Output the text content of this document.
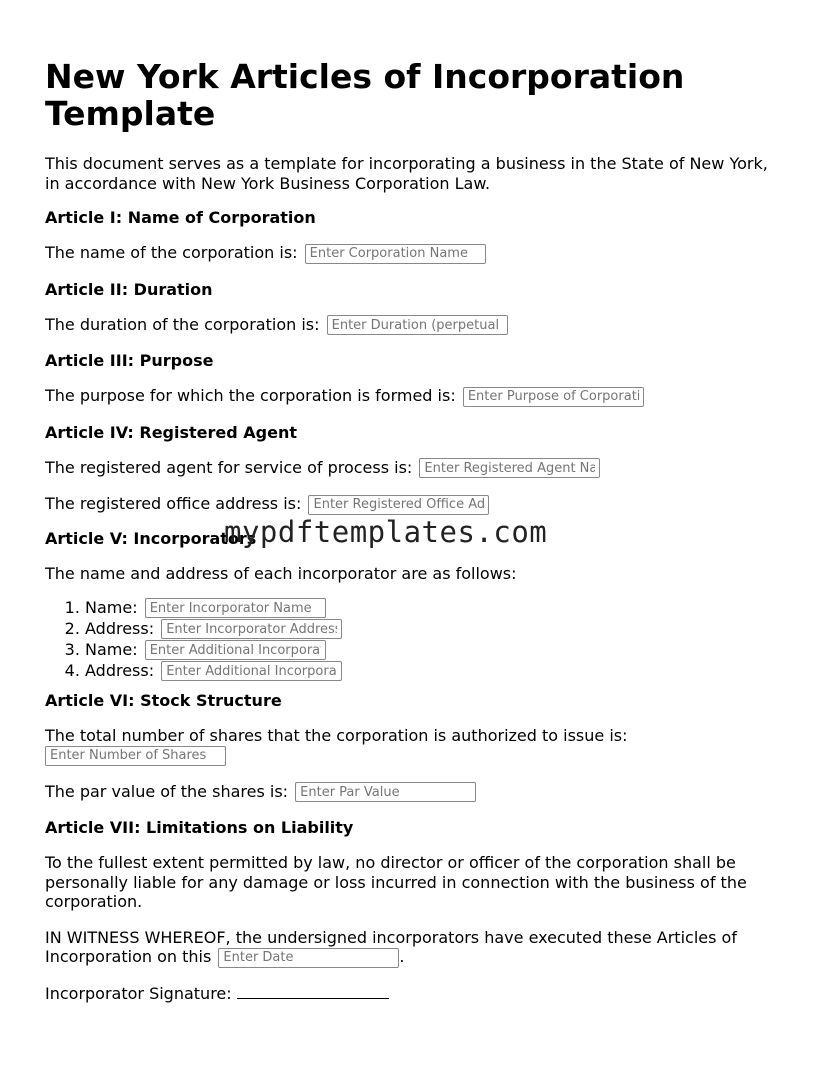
New York Articles of Incorporation Template

This document serves as a template for incorporating a business in the State of New York, in accordance with New York Business Corporation Law.

Article I: Name of Corporation
The name of the corporation is: Enter Corporation Name
Article II: Duration
The duration of the corporation is: Enter Duration (perpetual or specific)
Article III: Purpose
The purpose for which the corporation is formed is: Enter Purpose of Corporation
Article IV: Registered Agent
The registered agent for service of process is: Enter Registered Agent Name
The registered office address is: Enter Registered Office Address
Article V: Incorporators
The name and address of each incorporator are as follows:
1. Name: Enter Incorporator Name
2. Address: Enter Incorporator Address
3. Name: Enter Additional Incorporator Name
4. Address: Enter Additional Incorporator Address
Article VI: Stock Structure
The total number of shares that the corporation is authorized to issue is:
Enter Number of Shares
The par value of the shares is: Enter Par Value
Article VII: Limitations on Liability

To the fullest extent permitted by law, no director or officer of the corporation shall be personally liable for any damage or loss incurred in connection with the business of the corporation.

IN WITNESS WHEREOF, the undersigned incorporators have executed these Articles of Incorporation on this Enter Date	.

Incorporator Signature:
mypdftemplates.com
